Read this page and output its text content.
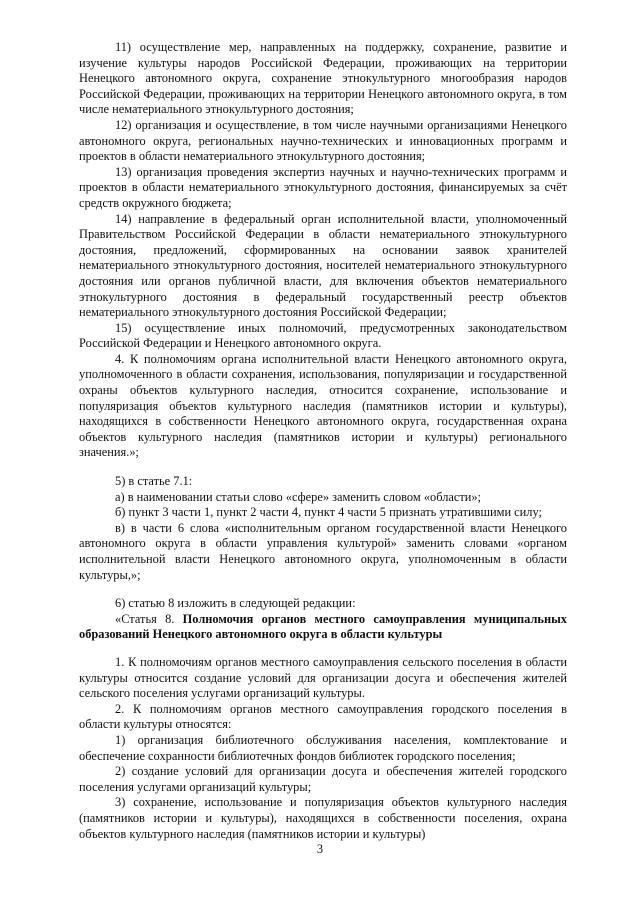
11) осуществление мер, направленных на поддержку, сохранение, развитие и изучение культуры народов Российской Федерации, проживающих на территории Ненецкого автономного округа, сохранение этнокультурного многообразия народов Российской Федерации, проживающих на территории Ненецкого автономного округа, в том числе нематериального этнокультурного достояния;

12) организация и осуществление, в том числе научными организациями Ненецкого автономного округа, региональных научно-технических и инновационных программ и проектов в области нематериального этнокультурного достояния;

13) организация проведения экспертиз научных и научно-технических программ и проектов в области нематериального этнокультурного достояния, финансируемых за счёт средств окружного бюджета;

14) направление в федеральный орган исполнительной власти, уполномоченный Правительством Российской Федерации в области нематериального этнокультурного достояния, предложений, сформированных на основании заявок хранителей нематериального этнокультурного достояния, носителей нематериального этнокультурного достояния или органов публичной власти, для включения объектов нематериального этнокультурного достояния в федеральный государственный реестр объектов нематериального этнокультурного достояния Российской Федерации;

15) осуществление иных полномочий, предусмотренных законодательством Российской Федерации и Ненецкого автономного округа.

4. К полномочиям органа исполнительной власти Ненецкого автономного округа, уполномоченного в области сохранения, использования, популяризации и государственной охраны объектов культурного наследия, относится сохранение, использование и популяризация объектов культурного наследия (памятников истории и культуры), находящихся в собственности Ненецкого автономного округа, государственная охрана объектов культурного наследия (памятников истории и культуры) регионального значения.»;

5) в статье 7.1:

а) в наименовании статьи слово «сфере» заменить словом «области»;

б) пункт 3 части 1, пункт 2 части 4, пункт 4 части 5 признать утратившими силу;

в) в части 6 слова «исполнительным органом государственной власти Ненецкого автономного округа в области управления культурой» заменить словами «органом исполнительной власти Ненецкого автономного округа, уполномоченным в области культуры,»;

6) статью 8 изложить в следующей редакции:

«Статья 8. Полномочия органов местного самоуправления муниципальных образований Ненецкого автономного округа в области культуры

1. К полномочиям органов местного самоуправления сельского поселения в области культуры относится создание условий для организации досуга и обеспечения жителей сельского поселения услугами организаций культуры.

2. К полномочиям органов местного самоуправления городского поселения в области культуры относятся:

1) организация библиотечного обслуживания населения, комплектование и обеспечение сохранности библиотечных фондов библиотек городского поселения;

2) создание условий для организации досуга и обеспечения жителей городского поселения услугами организаций культуры;

3) сохранение, использование и популяризация объектов культурного наследия (памятников истории и культуры), находящихся в собственности поселения, охрана объектов культурного наследия (памятников истории и культуры)

3
